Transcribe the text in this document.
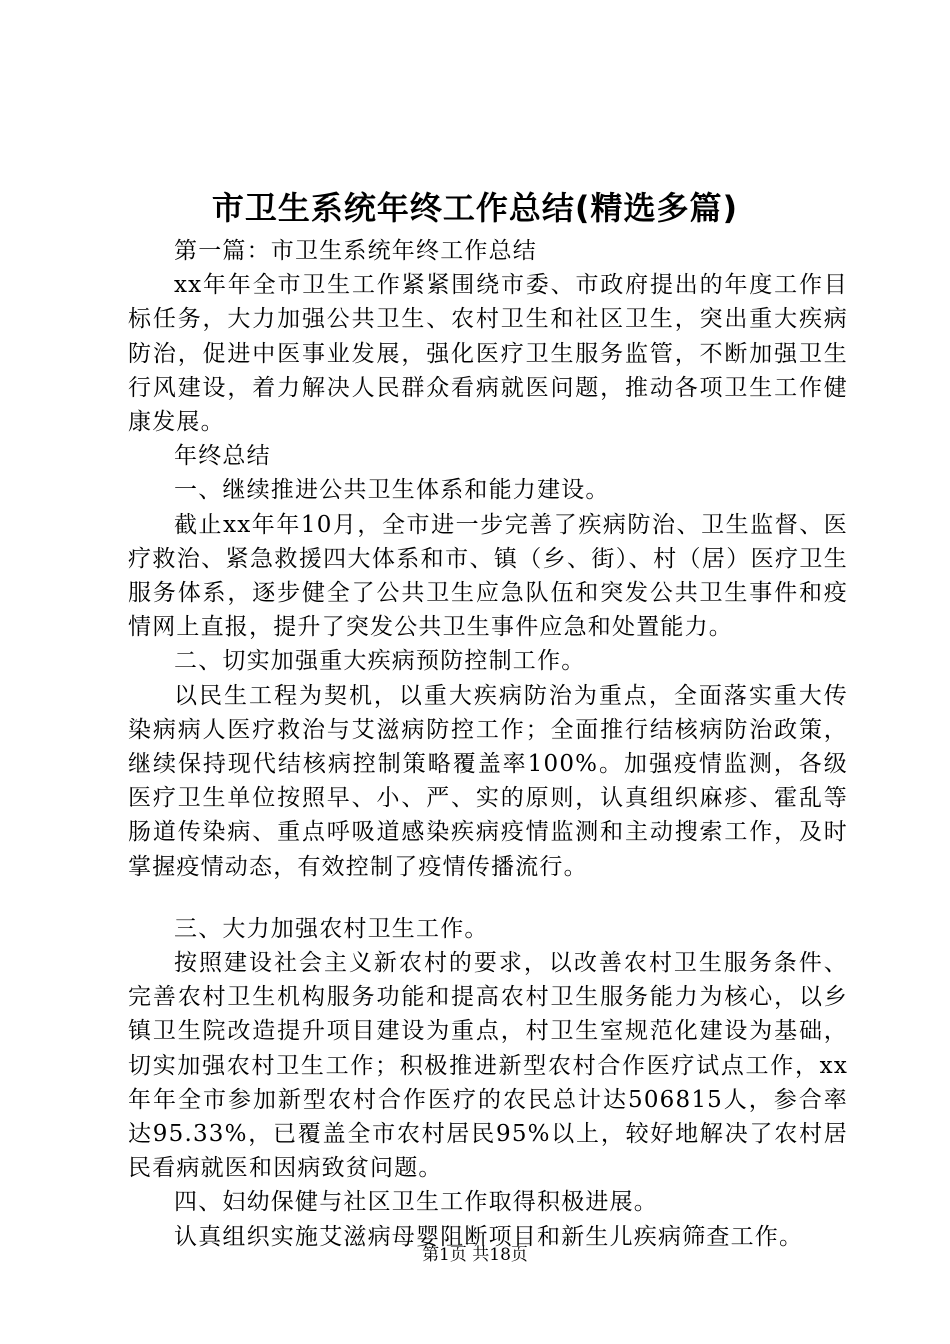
市卫生系统年终工作总结(精选多篇)

第一篇：市卫生系统年终工作总结

xx年年全市卫生工作紧紧围绕市委、市政府提出的年度工作目标任务，大力加强公共卫生、农村卫生和社区卫生，突出重大疾病防治，促进中医事业发展，强化医疗卫生服务监管，不断加强卫生行风建设，着力解决人民群众看病就医问题，推动各项卫生工作健康发展。

年终总结

一、继续推进公共卫生体系和能力建设。

截止xx年年10月，全市进一步完善了疾病防治、卫生监督、医疗救治、紧急救援四大体系和市、镇（乡、街）、村（居）医疗卫生服务体系，逐步健全了公共卫生应急队伍和突发公共卫生事件和疫情网上直报，提升了突发公共卫生事件应急和处置能力。

二、切实加强重大疾病预防控制工作。

以民生工程为契机，以重大疾病防治为重点，全面落实重大传染病病人医疗救治与艾滋病防控工作；全面推行结核病防治政策，继续保持现代结核病控制策略覆盖率100%。加强疫情监测，各级医疗卫生单位按照早、小、严、实的原则，认真组织麻疹、霍乱等肠道传染病、重点呼吸道感染疾病疫情监测和主动搜索工作，及时掌握疫情动态，有效控制了疫情传播流行。

三、大力加强农村卫生工作。

按照建设社会主义新农村的要求，以改善农村卫生服务条件、完善农村卫生机构服务功能和提高农村卫生服务能力为核心，以乡镇卫生院改造提升项目建设为重点，村卫生室规范化建设为基础，切实加强农村卫生工作；积极推进新型农村合作医疗试点工作，xx年年全市参加新型农村合作医疗的农民总计达506815人，参合率达95.33%，已覆盖全市农村居民95%以上，较好地解决了农村居民看病就医和因病致贫问题。

四、妇幼保健与社区卫生工作取得积极进展。

认真组织实施艾滋病母婴阻断项目和新生儿疾病筛查工作。

第1页 共18页
